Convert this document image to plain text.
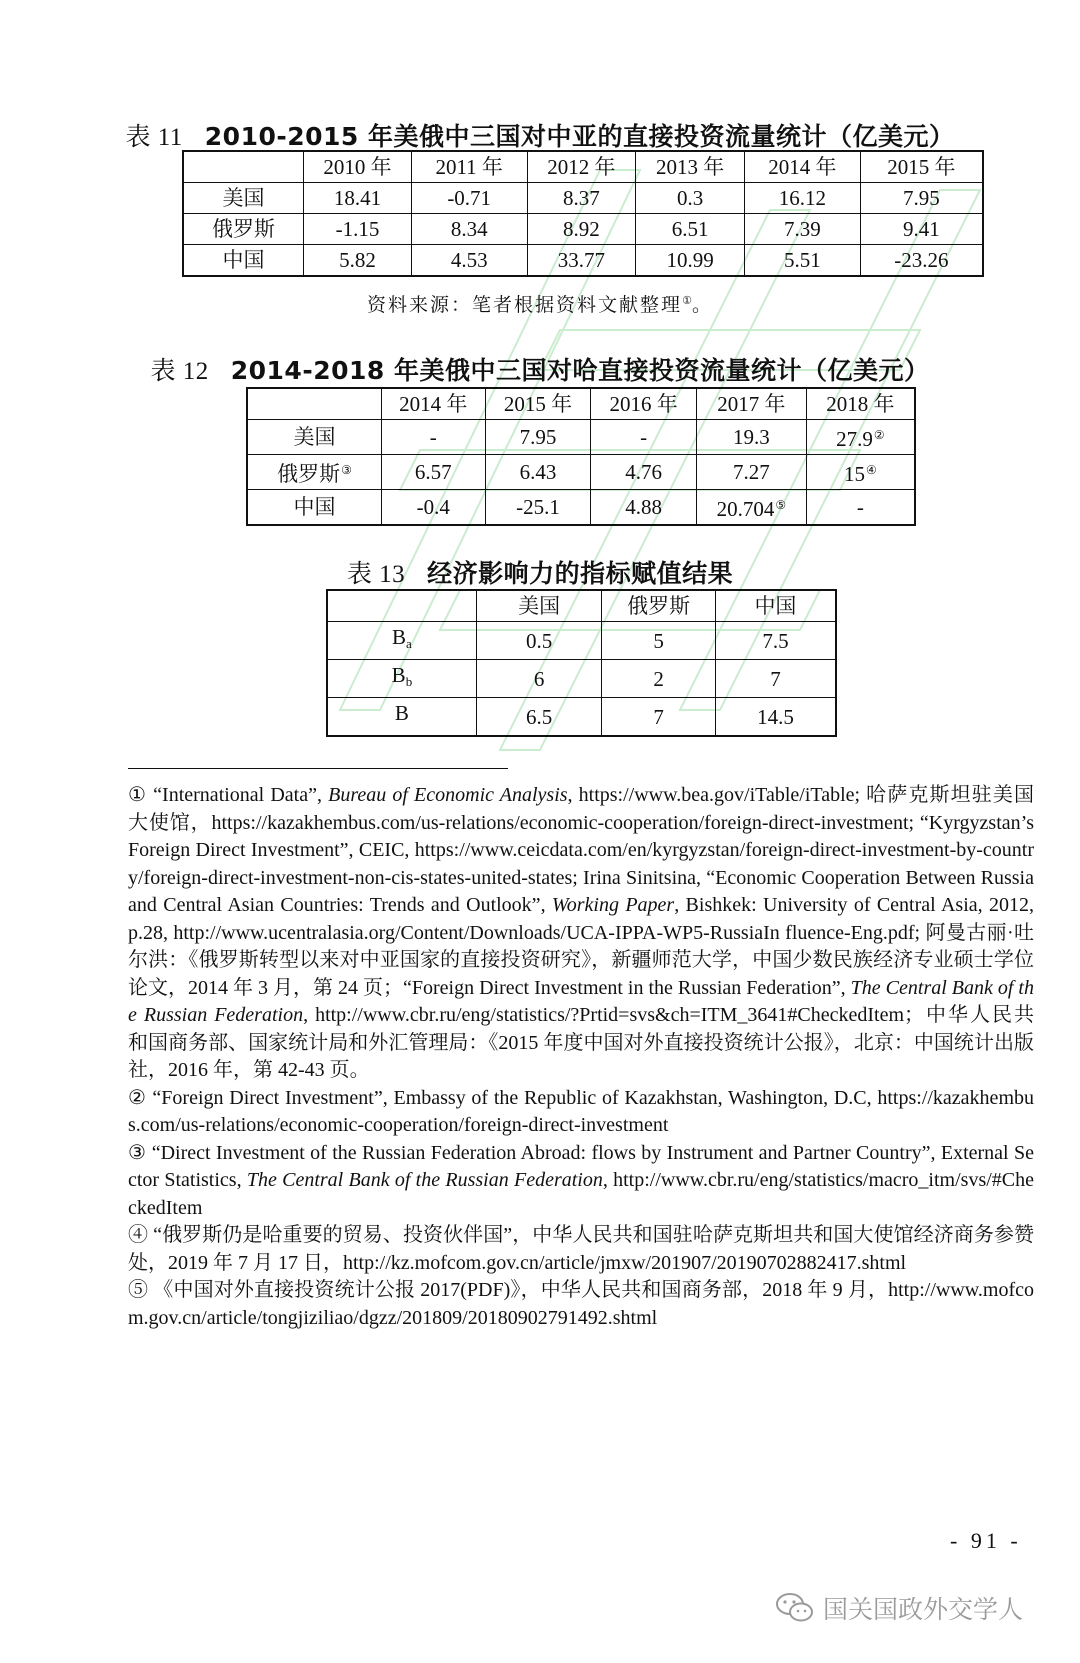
表 11 2010-2015 年美俄中三国对中亚的直接投资流量统计（亿美元）
	2010 年	2011 年	2012 年	2013 年	2014 年	2015 年
美国	18.41	-0.71	8.37	0.3	16.12	7.95
俄罗斯	-1.15	8.34	8.92	6.51	7.39	9.41
中国	5.82	4.53	33.77	10.99	5.51	-23.26
资料来源：笔者根据资料文献整理①。
表 12 2014-2018 年美俄中三国对哈直接投资流量统计（亿美元）
	2014 年	2015 年	2016 年	2017 年	2018 年
美国	-	7.95	-	19.3	27.9②
俄罗斯③	6.57	6.43	4.76	7.27	15④
中国	-0.4	-25.1	4.88	20.704⑤	-
表 13 经济影响力的指标赋值结果
	美国	俄罗斯	中国
$B_a$	0.5	5	7.5
$B_b$	6	2	7
B	6.5	7	14.5

① “International Data”, Bureau of Economic Analysis, https://www.bea.gov/iTable/iTable; 哈萨克斯坦驻美国大使馆，https://kazakhembus.com/us-relations/economic-cooperation/foreign-direct-investment; “Kyrgyzstan’s Foreign Direct Investment”, CEIC, https://www.ceicdata.com/en/kyrgyzstan/foreign-direct-investment-by-country/foreign-direct-investment-non-cis-states-united-states; Irina Sinitsina, “Economic Cooperation Between Russia and Central Asian Countries: Trends and Outlook”, Working Paper, Bishkek: University of Central Asia, 2012, p.28, http://www.ucentralasia.org/Content/Downloads/UCA-IPPA-WP5-RussiaIn fluence-Eng.pdf; 阿曼古丽·吐尔洪：《俄罗斯转型以来对中亚国家的直接投资研究》，新疆师范大学，中国少数民族经济专业硕士学位论文，2014 年 3 月，第 24 页；“Foreign Direct Investment in the Russian Federation”, The Central Bank of the Russian Federation, http://www.cbr.ru/eng/statistics/?Prtid=svs&ch=ITM_3641#CheckedItem；中华人民共和国商务部、国家统计局和外汇管理局：《2015 年度中国对外直接投资统计公报》，北京：中国统计出版社，2016 年，第 42-43 页。

② “Foreign Direct Investment”, Embassy of the Republic of Kazakhstan, Washington, D.C, https://kazakhembus.com/us-relations/economic-cooperation/foreign-direct-investment

③ “Direct Investment of the Russian Federation Abroad: flows by Instrument and Partner Country”, External Sector Statistics, The Central Bank of the Russian Federation, http://www.cbr.ru/eng/statistics/macro_itm/svs/#CheckedItem

④ “俄罗斯仍是哈重要的贸易、投资伙伴国”，中华人民共和国驻哈萨克斯坦共和国大使馆经济商务参赞处，2019 年 7 月 17 日，http://kz.mofcom.gov.cn/article/jmxw/201907/20190702882417.shtml

⑤ 《中国对外直接投资统计公报 2017(PDF)》，中华人民共和国商务部，2018 年 9 月，http://www.mofcom.gov.cn/article/tongjiziliao/dgzz/201809/20180902791492.shtml

- 91 -
国关国政外交学人
